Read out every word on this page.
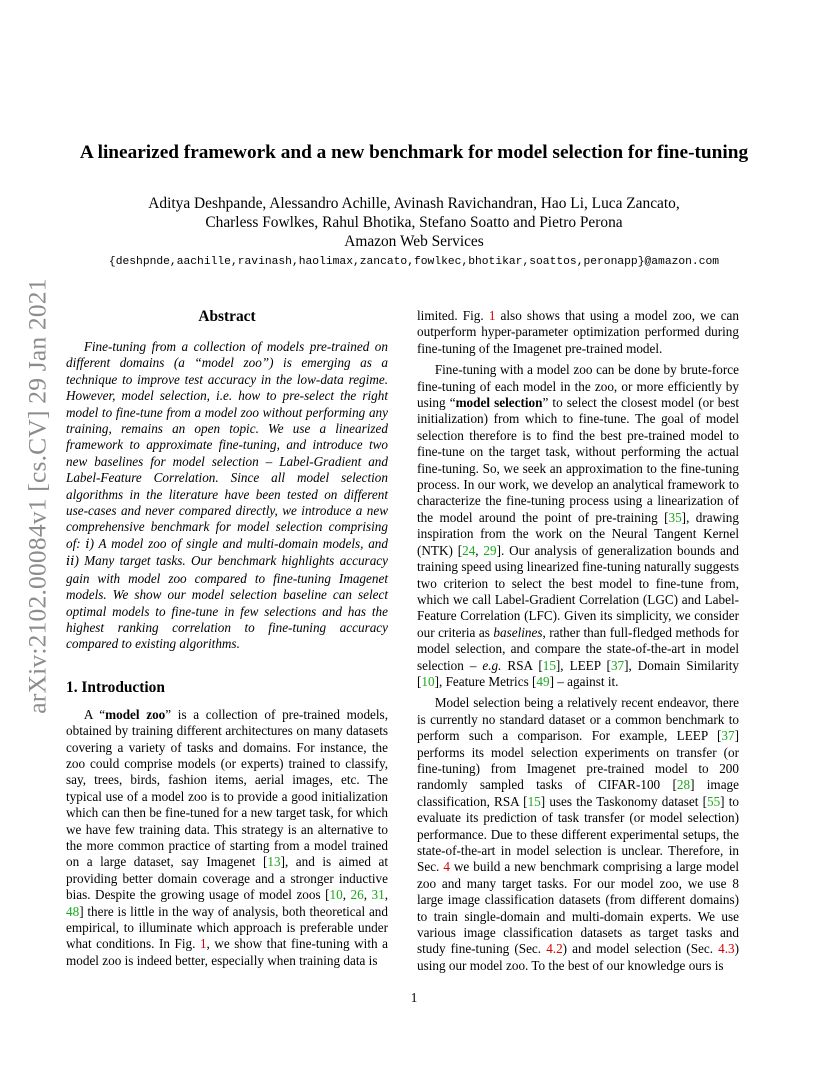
arXiv:2102.00084v1 [cs.CV] 29 Jan 2021
A linearized framework and a new benchmark for model selection for fine-tuning
Aditya Deshpande, Alessandro Achille, Avinash Ravichandran, Hao Li, Luca Zancato,
Charless Fowlkes, Rahul Bhotika, Stefano Soatto and Pietro Perona
Amazon Web Services
{deshpnde,aachille,ravinash,haolimax,zancato,fowlkec,bhotikar,soattos,peronapp}@amazon.com
Abstract

Fine-tuning from a collection of models pre-trained on different domains (a “model zoo”) is emerging as a technique to improve test accuracy in the low-data regime. However, model selection, i.e. how to pre-select the right model to fine-tune from a model zoo without performing any training, remains an open topic. We use a linearized framework to approximate fine-tuning, and introduce two new baselines for model selection – Label-Gradient and Label-Feature Correlation. Since all model selection algorithms in the literature have been tested on different use-cases and never compared directly, we introduce a new comprehensive benchmark for model selection comprising of: i) A model zoo of single and multi-domain models, and ii) Many target tasks. Our benchmark highlights accuracy gain with model zoo compared to fine-tuning Imagenet models. We show our model selection baseline can select optimal models to fine-tune in few selections and has the highest ranking correlation to fine-tuning accuracy compared to existing algorithms.

1. Introduction

A “model zoo” is a collection of pre-trained models, obtained by training different architectures on many datasets covering a variety of tasks and domains. For instance, the zoo could comprise models (or experts) trained to classify, say, trees, birds, fashion items, aerial images, etc. The typical use of a model zoo is to provide a good initialization which can then be fine-tuned for a new target task, for which we have few training data. This strategy is an alternative to the more common practice of starting from a model trained on a large dataset, say Imagenet [13], and is aimed at providing better domain coverage and a stronger inductive bias. Despite the growing usage of model zoos [10, 26, 31, 48] there is little in the way of analysis, both theoretical and empirical, to illuminate which approach is preferable under what conditions. In Fig. 1, we show that fine-tuning with a model zoo is indeed better, especially when training data is

limited. Fig. 1 also shows that using a model zoo, we can outperform hyper-parameter optimization performed during fine-tuning of the Imagenet pre-trained model.

Fine-tuning with a model zoo can be done by brute-force fine-tuning of each model in the zoo, or more efficiently by using “model selection” to select the closest model (or best initialization) from which to fine-tune. The goal of model selection therefore is to find the best pre-trained model to fine-tune on the target task, without performing the actual fine-tuning. So, we seek an approximation to the fine-tuning process. In our work, we develop an analytical framework to characterize the fine-tuning process using a linearization of the model around the point of pre-training [35], drawing inspiration from the work on the Neural Tangent Kernel (NTK) [24, 29]. Our analysis of generalization bounds and training speed using linearized fine-tuning naturally suggests two criterion to select the best model to fine-tune from, which we call Label-Gradient Correlation (LGC) and Label-Feature Correlation (LFC). Given its simplicity, we consider our criteria as baselines, rather than full-fledged methods for model selection, and compare the state-of-the-art in model selection – e.g. RSA [15], LEEP [37], Domain Similarity [10], Feature Metrics [49] – against it.

Model selection being a relatively recent endeavor, there is currently no standard dataset or a common benchmark to perform such a comparison. For example, LEEP [37] performs its model selection experiments on transfer (or fine-tuning) from Imagenet pre-trained model to 200 randomly sampled tasks of CIFAR-100 [28] image classification, RSA [15] uses the Taskonomy dataset [55] to evaluate its prediction of task transfer (or model selection) performance. Due to these different experimental setups, the state-of-the-art in model selection is unclear. Therefore, in Sec. 4 we build a new benchmark comprising a large model zoo and many target tasks. For our model zoo, we use 8 large image classification datasets (from different domains) to train single-domain and multi-domain experts. We use various image classification datasets as target tasks and study fine-tuning (Sec. 4.2) and model selection (Sec. 4.3) using our model zoo. To the best of our knowledge ours is

1
